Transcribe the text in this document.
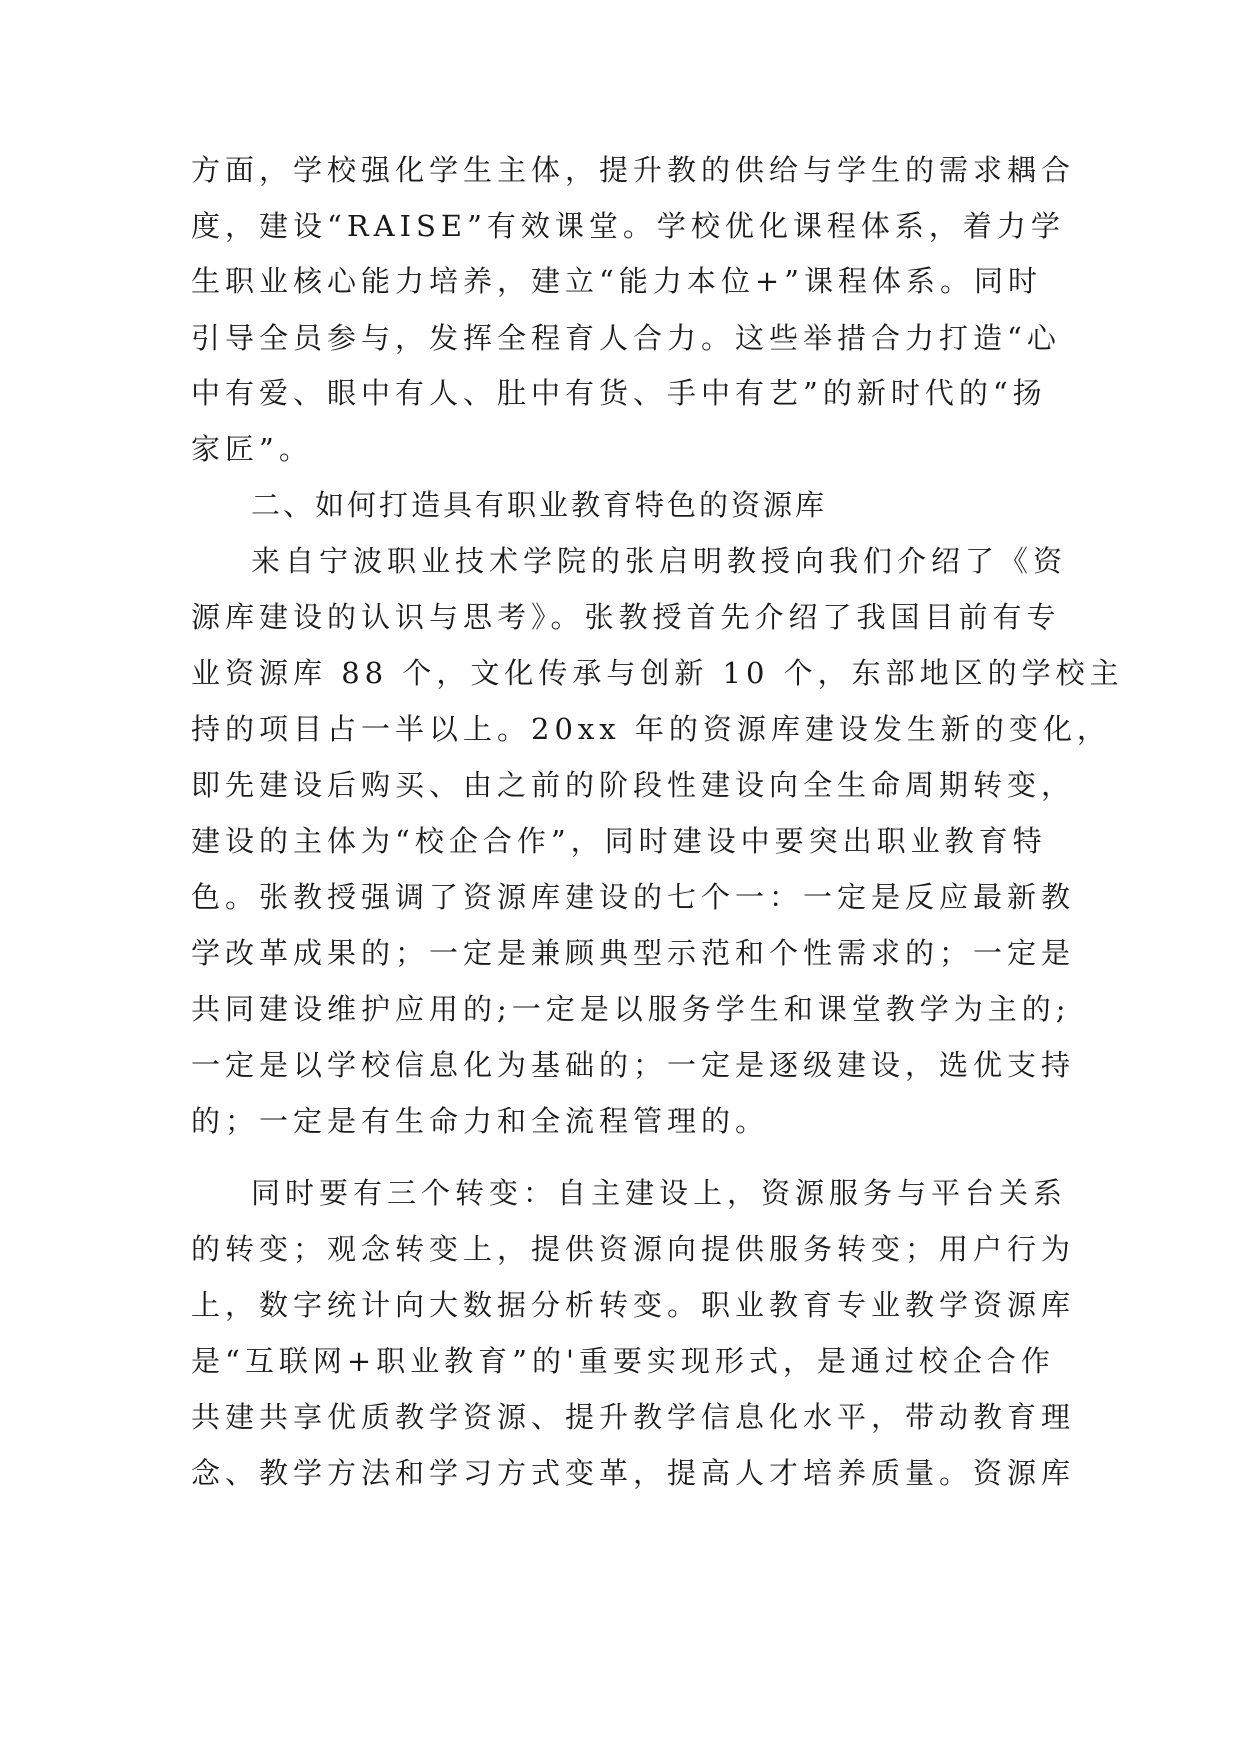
方面，学校强化学生主体，提升教的供给与学生的需求耦合

度，建设“RAISE”有效课堂。学校优化课程体系，着力学

生职业核心能力培养，建立“能力本位+”课程体系。同时

引导全员参与，发挥全程育人合力。这些举措合力打造“心

中有爱、眼中有人、肚中有货、手中有艺”的新时代的“扬

家匠”。

二、如何打造具有职业教育特色的资源库

来自宁波职业技术学院的张启明教授向我们介绍了《资

源库建设的认识与思考》。张教授首先介绍了我国目前有专

业资源库 88 个，文化传承与创新 10 个，东部地区的学校主

持的项目占一半以上。20xx 年的资源库建设发生新的变化，

即先建设后购买、由之前的阶段性建设向全生命周期转变，

建设的主体为“校企合作”，同时建设中要突出职业教育特

色。张教授强调了资源库建设的七个一：一定是反应最新教

学改革成果的；一定是兼顾典型示范和个性需求的；一定是

共同建设维护应用的;一定是以服务学生和课堂教学为主的;

一定是以学校信息化为基础的；一定是逐级建设，选优支持

的；一定是有生命力和全流程管理的。

同时要有三个转变：自主建设上，资源服务与平台关系

的转变；观念转变上，提供资源向提供服务转变；用户行为

上，数字统计向大数据分析转变。职业教育专业教学资源库

是“互联网+职业教育”的'重要实现形式，是通过校企合作

共建共享优质教学资源、提升教学信息化水平，带动教育理

念、教学方法和学习方式变革，提高人才培养质量。资源库
